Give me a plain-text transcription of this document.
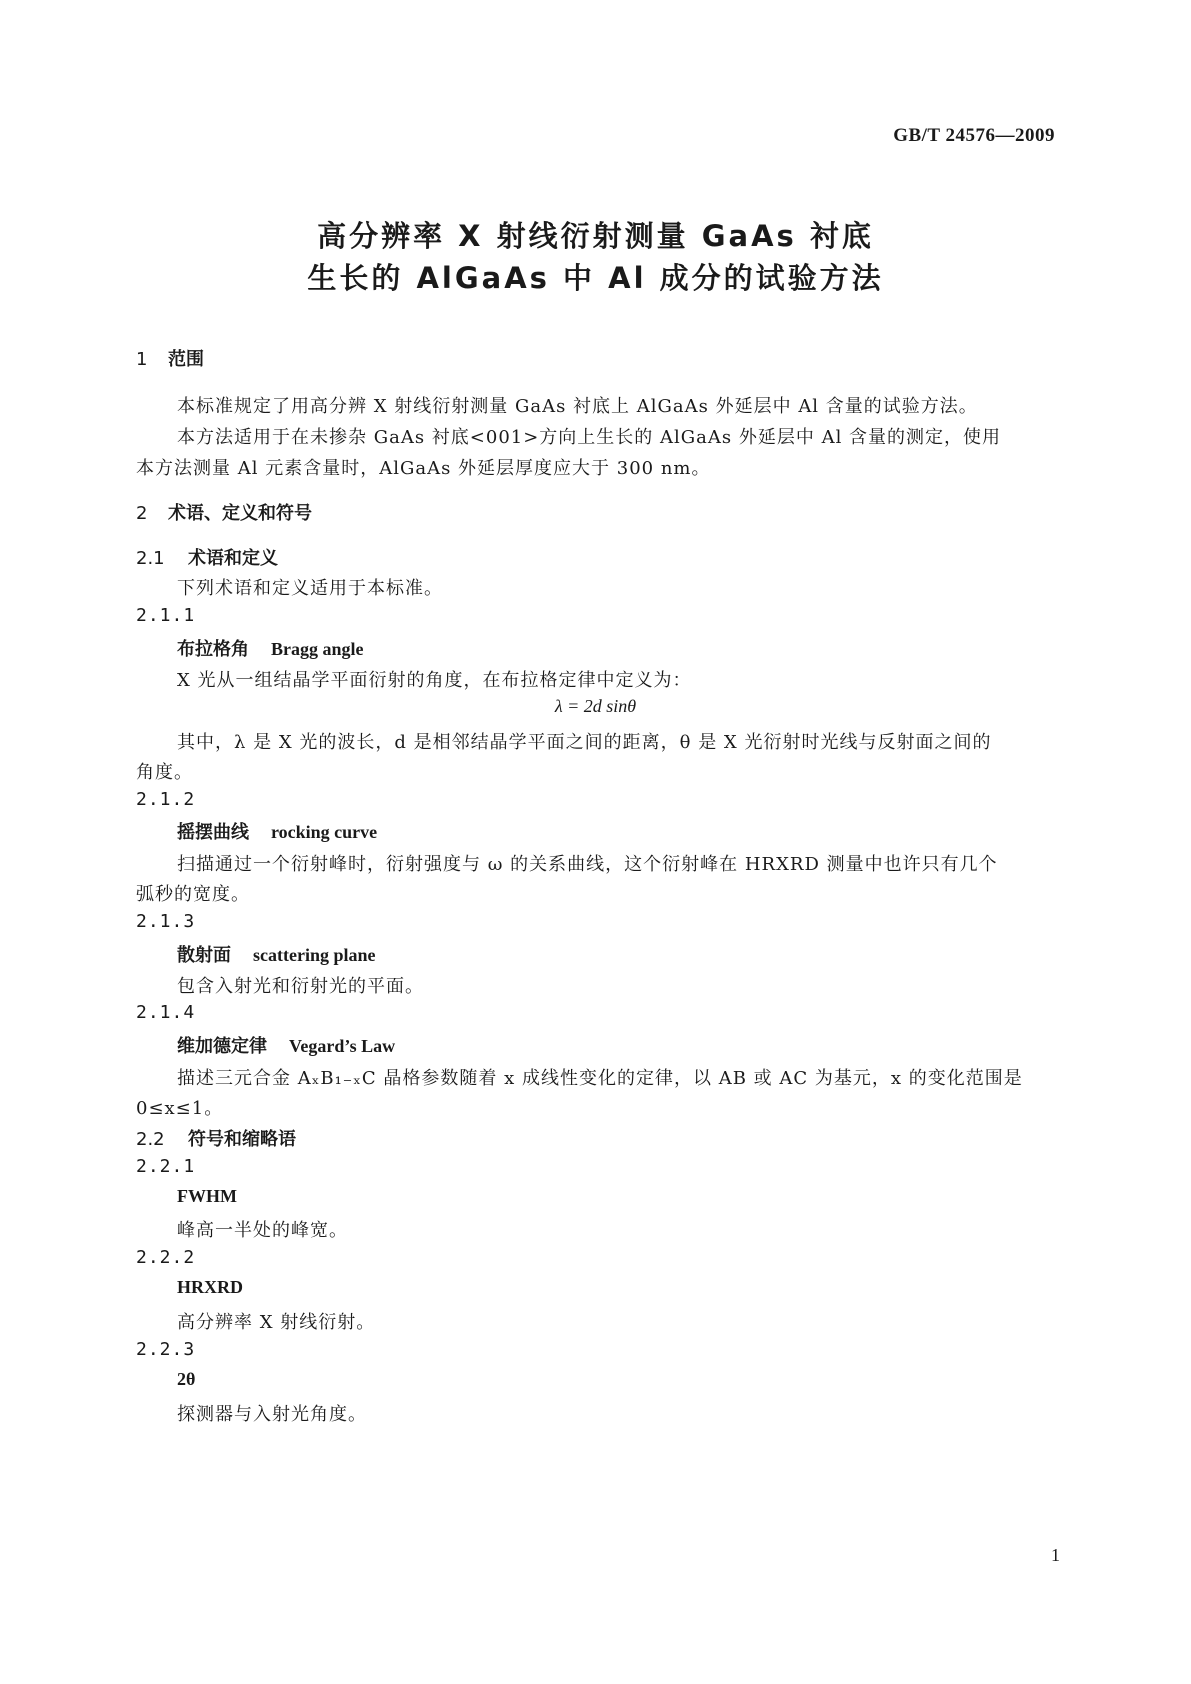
GB/T 24576—2009
高分辨率 X 射线衍射测量 GaAs 衬底
生长的 AlGaAs 中 Al 成分的试验方法
1 范围
本标准规定了用高分辨 X 射线衍射测量 GaAs 衬底上 AlGaAs 外延层中 Al 含量的试验方法。
本方法适用于在未掺杂 GaAs 衬底<001>方向上生长的 AlGaAs 外延层中 Al 含量的测定，使用
本方法测量 Al 元素含量时，AlGaAs 外延层厚度应大于 300 nm。
2 术语、定义和符号
2.1 术语和定义
下列术语和定义适用于本标准。
2.1.1
布拉格角 Bragg angle
X 光从一组结晶学平面衍射的角度，在布拉格定律中定义为：
λ = 2d sinθ
其中，λ 是 X 光的波长，d 是相邻结晶学平面之间的距离，θ 是 X 光衍射时光线与反射面之间的
角度。
2.1.2
摇摆曲线 rocking curve
扫描通过一个衍射峰时，衍射强度与 ω 的关系曲线，这个衍射峰在 HRXRD 测量中也许只有几个
弧秒的宽度。
2.1.3
散射面 scattering plane
包含入射光和衍射光的平面。
2.1.4
维加德定律 Vegard’s Law
描述三元合金 AₓB₁₋ₓC 晶格参数随着 x 成线性变化的定律，以 AB 或 AC 为基元，x 的变化范围是
0≤x≤1。
2.2 符号和缩略语
2.2.1
FWHM
峰高一半处的峰宽。
2.2.2
HRXRD
高分辨率 X 射线衍射。
2.2.3
2θ
探测器与入射光角度。
1
